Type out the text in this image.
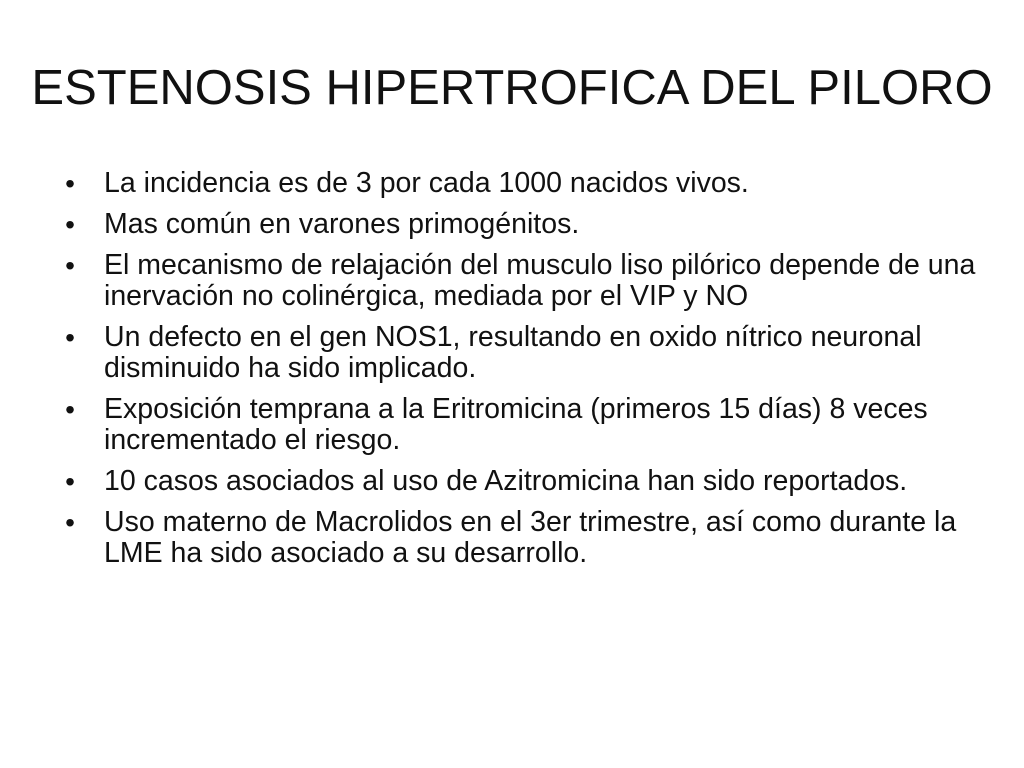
ESTENOSIS HIPERTROFICA DEL PILORO
• La incidencia es de 3 por cada 1000 nacidos vivos.
• Mas común en varones primogénitos.
• El mecanismo de relajación del musculo liso pilórico depende de una inervación no colinérgica, mediada por el VIP y NO
• Un defecto en el gen NOS1, resultando en oxido nítrico neuronal disminuido ha sido implicado.
• Exposición temprana a la Eritromicina (primeros 15 días) 8 veces incrementado el riesgo.
• 10 casos asociados al uso de Azitromicina han sido reportados.
• Uso materno de Macrolidos en el 3er trimestre, así como durante la LME ha sido asociado a su desarrollo.
